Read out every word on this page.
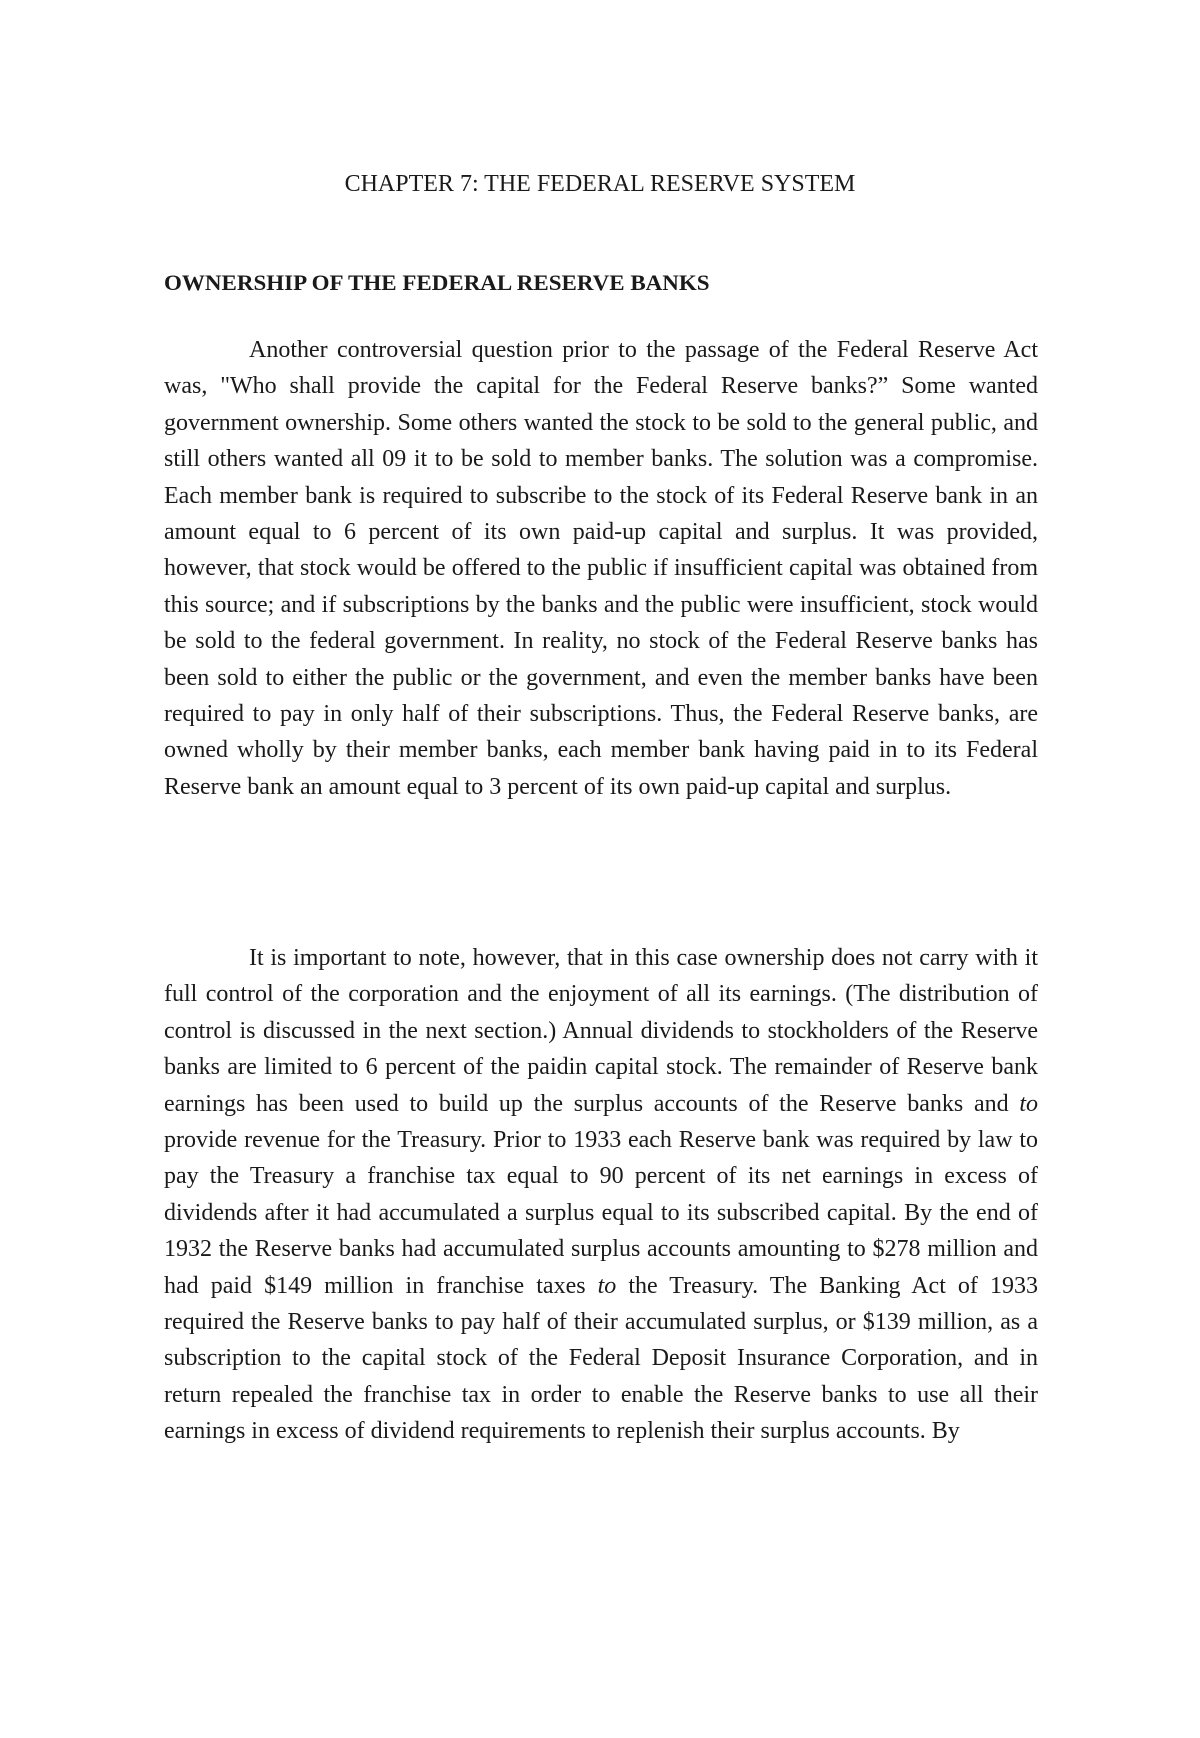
CHAPTER 7: THE FEDERAL RESERVE SYSTEM
OWNERSHIP OF THE FEDERAL RESERVE BANKS

Another controversial question prior to the passage of the Federal Reserve Act was, "Who shall provide the capital for the Federal Reserve banks?” Some wanted government ownership. Some others wanted the stock to be sold to the general public, and still others wanted all 09 it to be sold to member banks. The solution was a compromise. Each member bank is required to subscribe to the stock of its Federal Reserve bank in an amount equal to 6 percent of its own paid-up capital and surplus. It was provided, however, that stock would be offered to the public if insufficient capital was obtained from this source; and if subscriptions by the banks and the public were insufficient, stock would be sold to the federal government. In reality, no stock of the Federal Reserve banks has been sold to either the public or the government, and even the member banks have been required to pay in only half of their subscriptions. Thus, the Federal Reserve banks, are owned wholly by their member banks, each member bank having paid in to its Federal Reserve bank an amount equal to 3 percent of its own paid-up capital and surplus.

It is important to note, however, that in this case ownership does not carry with it full control of the corporation and the enjoyment of all its earnings. (The distribution of control is discussed in the next section.) Annual dividends to stockholders of the Reserve banks are limited to 6 percent of the paidin capital stock. The remainder of Reserve bank earnings has been used to build up the surplus accounts of the Reserve banks and to provide revenue for the Treasury. Prior to 1933 each Reserve bank was required by law to pay the Treasury a franchise tax equal to 90 percent of its net earnings in excess of dividends after it had accumulated a surplus equal to its subscribed capital. By the end of 1932 the Reserve banks had accumulated surplus accounts amounting to $278 million and had paid $149 million in franchise taxes to the Treasury. The Banking Act of 1933 required the Reserve banks to pay half of their accumulated surplus, or $139 million, as a subscription to the capital stock of the Federal Deposit Insurance Corporation, and in return repealed the franchise tax in order to enable the Reserve banks to use all their earnings in excess of dividend requirements to replenish their surplus accounts. By
